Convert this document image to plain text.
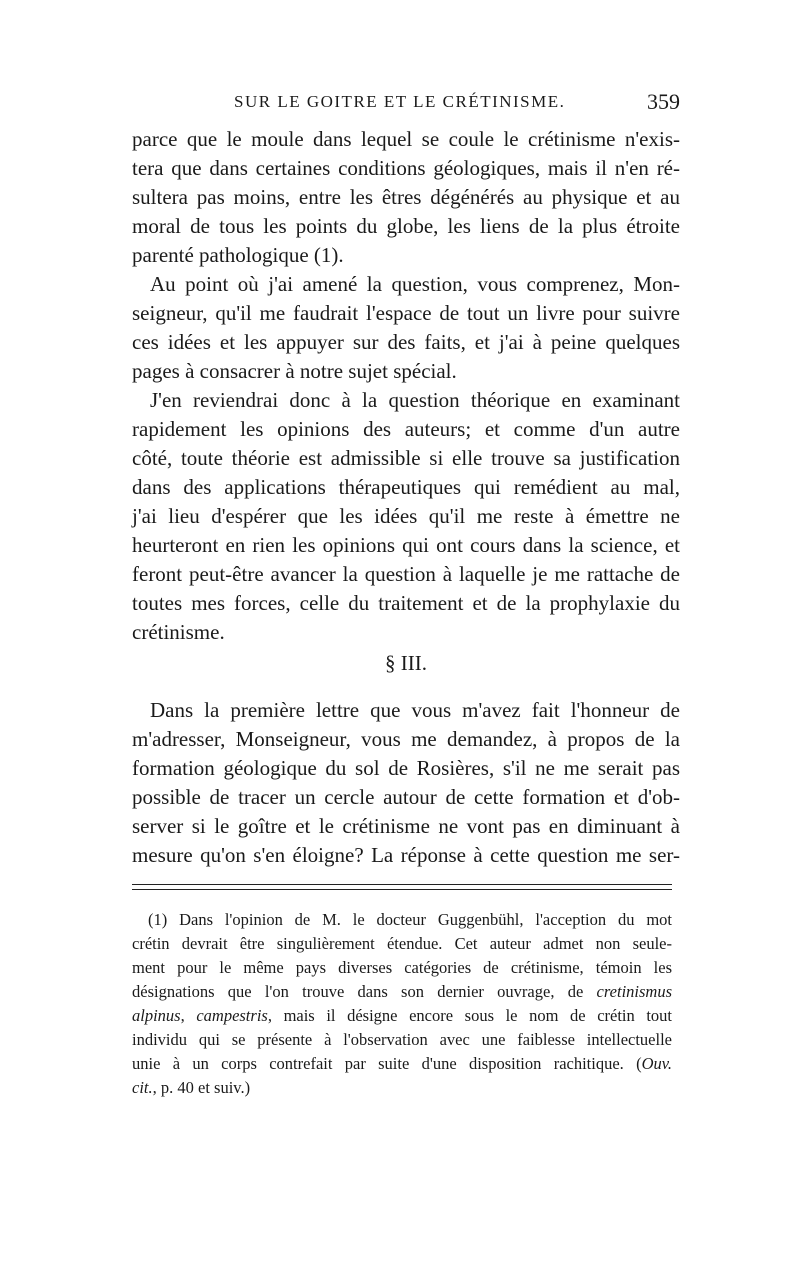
SUR LE GOITRE ET LE CRÉTINISME.	359
parce que le moule dans lequel se coule le crétinisme n'exis-
tera que dans certaines conditions géologiques, mais il n'en ré-
sultera pas moins, entre les êtres dégénérés au physique et au
moral de tous les points du globe, les liens de la plus étroite
parenté pathologique (1).
Au point où j'ai amené la question, vous comprenez, Mon-
seigneur, qu'il me faudrait l'espace de tout un livre pour suivre
ces idées et les appuyer sur des faits, et j'ai à peine quelques
pages à consacrer à notre sujet spécial.
J'en reviendrai donc à la question théorique en examinant
rapidement les opinions des auteurs; et comme d'un autre
côté, toute théorie est admissible si elle trouve sa justification
dans des applications thérapeutiques qui remédient au mal,
j'ai lieu d'espérer que les idées qu'il me reste à émettre ne
heurteront en rien les opinions qui ont cours dans la science, et
feront peut-être avancer la question à laquelle je me rattache de
toutes mes forces, celle du traitement et de la prophylaxie du
crétinisme.
§ III.
Dans la première lettre que vous m'avez fait l'honneur de
m'adresser, Monseigneur, vous me demandez, à propos de la
formation géologique du sol de Rosières, s'il ne me serait pas
possible de tracer un cercle autour de cette formation et d'ob-
server si le goître et le crétinisme ne vont pas en diminuant à
mesure qu'on s'en éloigne? La réponse à cette question me ser-
(1) Dans l'opinion de M. le docteur Guggenbühl, l'acception du mot
crétin devrait être singulièrement étendue. Cet auteur admet non seule-
ment pour le même pays diverses catégories de crétinisme, témoin les
désignations que l'on trouve dans son dernier ouvrage, de cretinismus
alpinus, campestris, mais il désigne encore sous le nom de crétin tout
individu qui se présente à l'observation avec une faiblesse intellectuelle
unie à un corps contrefait par suite d'une disposition rachitique. (Ouv.
cit., p. 40 et suiv.)
